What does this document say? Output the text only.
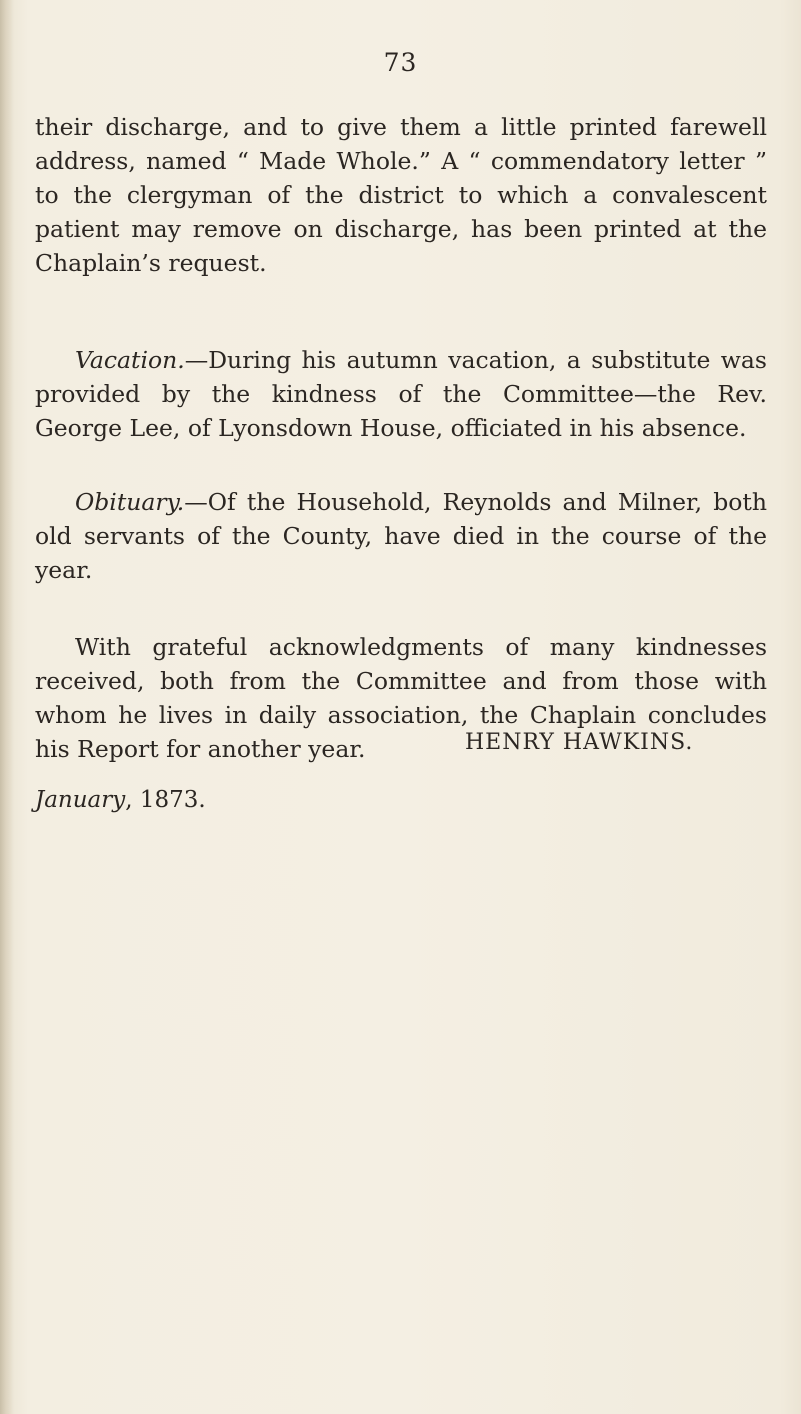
73

their discharge, and to give them a little printed farewell
address, named “ Made Whole.” A “ commendatory letter ”
to the clergyman of the district to which a convalescent
patient may remove on discharge, has been printed at the
Chaplain’s request.

Vacation.—During his autumn vacation, a substitute was
provided by the kindness of the Committee—the Rev.
George Lee, of Lyonsdown House, officiated in his absence.

Obituary.—Of the Household, Reynolds and Milner, both
old servants of the County, have died in the course of the
year.

With grateful acknowledgments of many kindnesses
received, both from the Committee and from those with
whom he lives in daily association, the Chaplain concludes
his Report for another year.	HENRY HAWKINS.
January, 1873.
